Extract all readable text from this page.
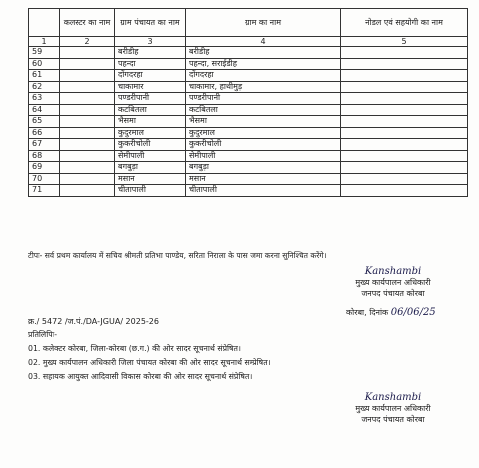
	कलस्टर का नाम	ग्राम पंचायत का नाम	ग्राम का नाम	नोडल एवं सहयोगी का नाम
1	2	3	4	5
59		बरीडीह	बरीडीह	
60		पहन्दा	पहन्दा, सराईडीह	
61		दोंगदरहा	दोंगदरहा	
62		चाकामार	चाकामार, हाथीमुड़	
63		पण्डरीपानी	पण्डरीपानी	
64		कटबितला	कटबितला	
65		भैसमा	भैसमा	
66		कुदुरमाल	कुदुरमाल	
67		कुकरीचोली	कुकरीचोली	
68		सेमीपाली	सेमीपाली	
69		बगबुड़ा	बगबुड़ा	
70		मसान	मसान	
71		चीतापाली	चीतापाली	
टीपः- सर्व प्रथम कार्यालय में सचिव श्रीमती प्रतिभा पाण्डेय, सरिता निराला के पास जमा करना सुनिश्चित करेंगे।
Kanshambi
मुख्य कार्यपालन अधिकारी
जनपद पंचायत कोरबा
कोरबा, दिनांक 06/06/25
क्र./ 5472 /ज.पं./DA-JGUA/ 2025-26
प्रतिलिपिः-
01. कलेक्टर कोरबा, जिला-कोरबा (छ.ग.) की ओर सादर सूचनार्थ संप्रेषित।
02. मुख्य कार्यपालन अधिकारी जिला पंचायत कोरबा की ओर सादर सूचनार्थ सम्प्रेषित।
03. सहायक आयुक्त आदिवासी विकास कोरबा की ओर सादर सूचनार्थ संप्रेषित।
Kanshambi
मुख्य कार्यपालन अधिकारी
जनपद पंचायत कोरबा
